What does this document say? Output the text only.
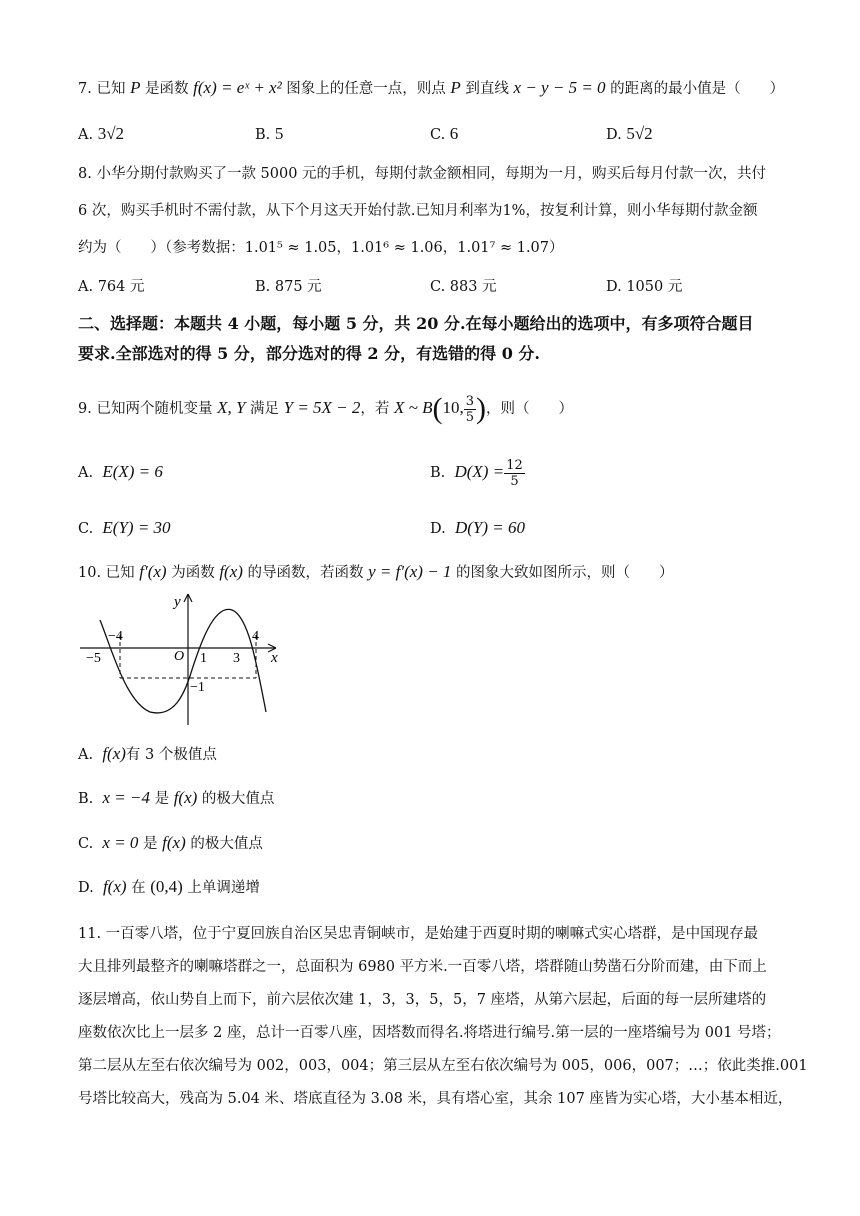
7. 已知 P 是函数 f(x) = eˣ + x² 图象上的任意一点，则点 P 到直线 x − y − 5 = 0 的距离的最小值是（　　）
A. 3√2	B. 5	C. 6	D. 5√2
8. 小华分期付款购买了一款 5000 元的手机，每期付款金额相同，每期为一月，购买后每月付款一次，共付
6 次，购买手机时不需付款，从下个月这天开始付款.已知月利率为1%，按复利计算，则小华每期付款金额
约为（　　）（参考数据：1.01⁵ ≈ 1.05，1.01⁶ ≈ 1.06，1.01⁷ ≈ 1.07）
A. 764 元	B. 875 元	C. 883 元	D. 1050 元
二、选择题：本题共 4 小题，每小题 5 分，共 20 分.在每小题给出的选项中，有多项符合题目
要求.全部选对的得 5 分，部分选对的得 2 分，有选错的得 0 分.
9. 已知两个随机变量 X, Y 满足 Y = 5X − 2，若 X ~ B(10, $\frac{3}{5}$ )，则（　　）
A. E(X) = 6	B. $D(X) = \frac{12}{5}$
C. E(Y) = 30	D. D(Y) = 60
10. 已知 f′(x) 为函数 f(x) 的导函数，若函数 y = f′(x) − 1 的图象大致如图所示，则（　　）
y
x
O
−5
−4
1 3
4
−1
A. f(x)有 3 个极值点
B. x = −4 是 f(x) 的极大值点
C. x = 0 是 f(x) 的极大值点
D. f(x) 在 (0,4) 上单调递增
11. 一百零八塔，位于宁夏回族自治区吴忠青铜峡市，是始建于西夏时期的喇嘛式实心塔群，是中国现存最
大且排列最整齐的喇嘛塔群之一，总面积为 6980 平方米.一百零八塔，塔群随山势凿石分阶而建，由下而上
逐层增高，依山势自上而下，前六层依次建 1，3，3，5，5，7 座塔，从第六层起，后面的每一层所建塔的
座数依次比上一层多 2 座，总计一百零八座，因塔数而得名.将塔进行编号.第一层的一座塔编号为 001 号塔；
第二层从左至右依次编号为 002，003，004；第三层从左至右依次编号为 005，006，007；…；依此类推.001
号塔比较高大，残高为 5.04 米、塔底直径为 3.08 米，具有塔心室，其余 107 座皆为实心塔，大小基本相近，
